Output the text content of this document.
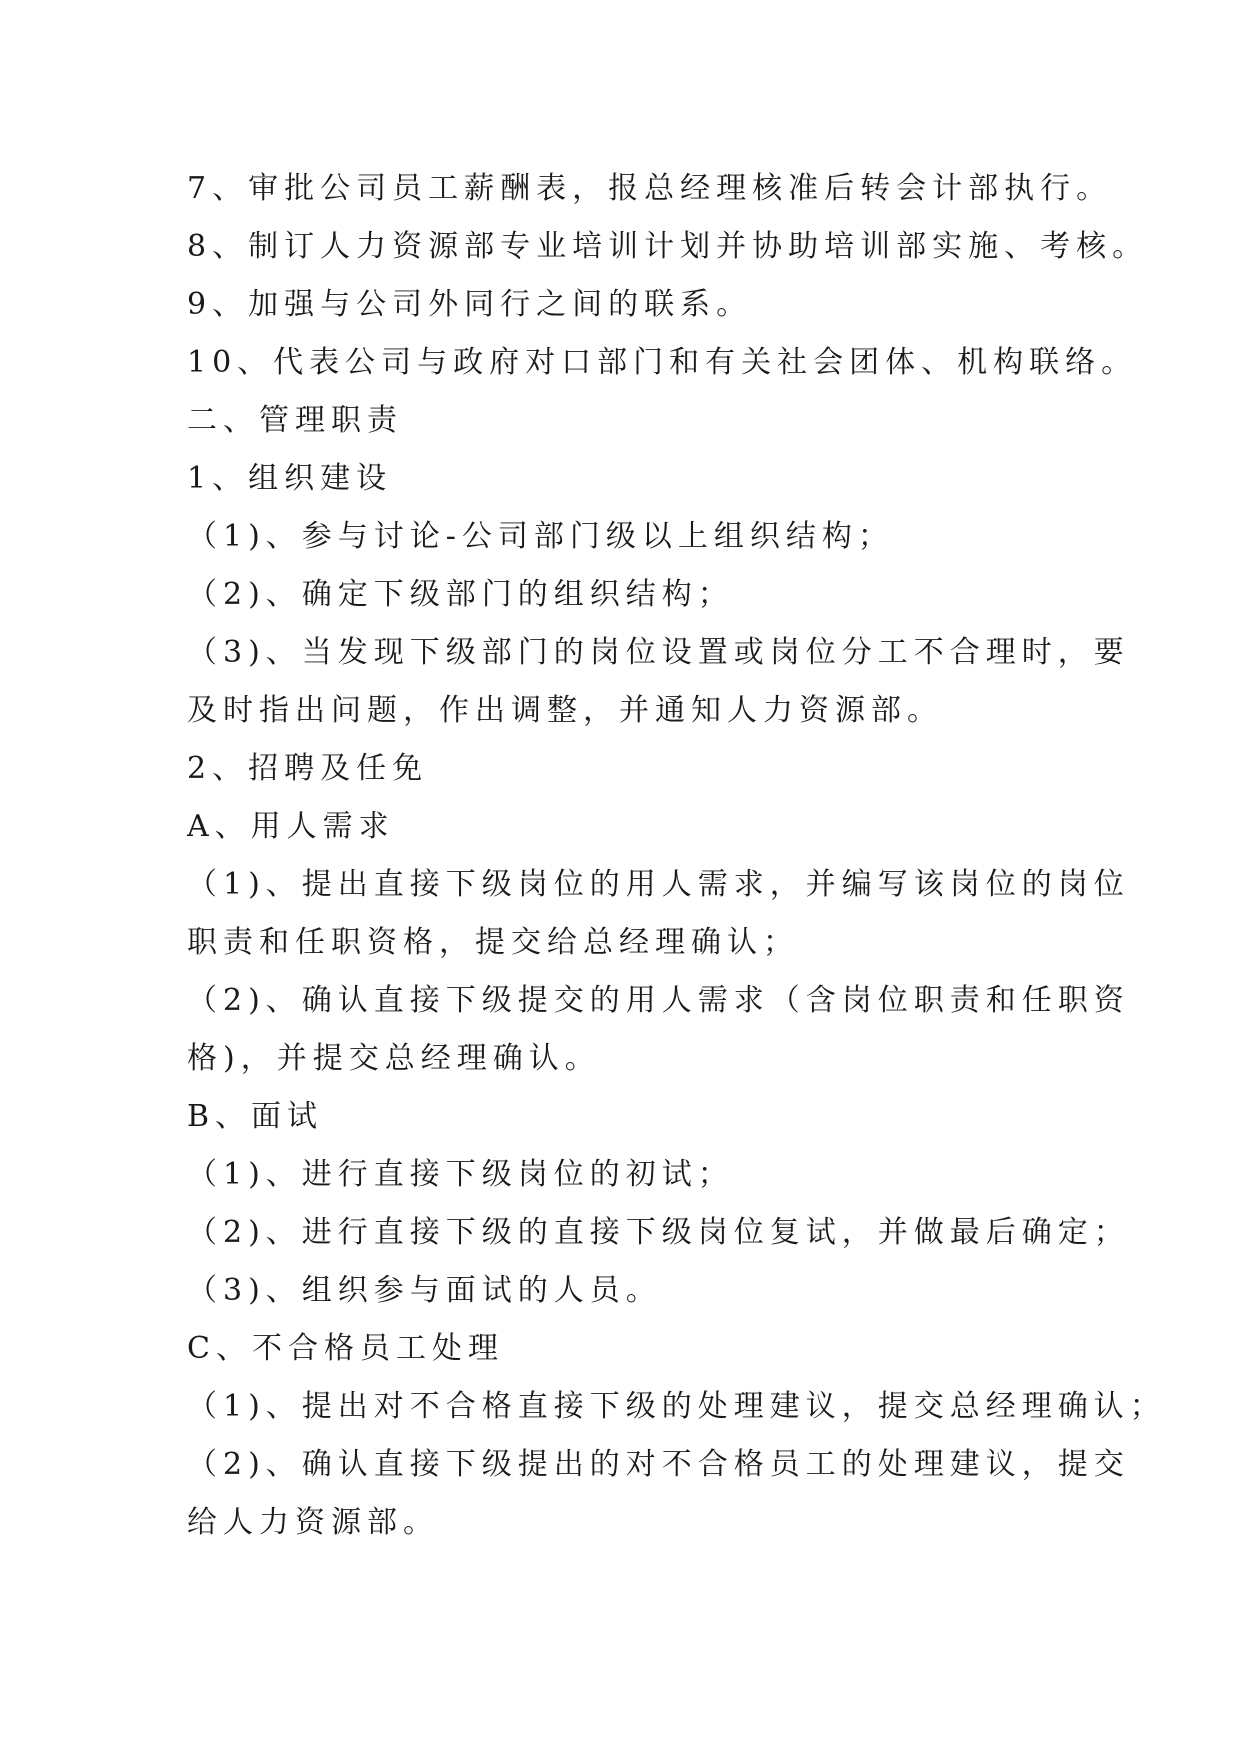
7、审批公司员工薪酬表，报总经理核准后转会计部执行。
8、制订人力资源部专业培训计划并协助培训部实施、考核。
9、加强与公司外同行之间的联系。
10、代表公司与政府对口部门和有关社会团体、机构联络。
二、管理职责
1、组织建设
（1)、参与讨论-公司部门级以上组织结构；
（2)、确定下级部门的组织结构；
（3)、当发现下级部门的岗位设置或岗位分工不合理时，要
及时指出问题，作出调整，并通知人力资源部。
2、招聘及任免
A、用人需求
（1)、提出直接下级岗位的用人需求，并编写该岗位的岗位
职责和任职资格，提交给总经理确认；
（2)、确认直接下级提交的用人需求（含岗位职责和任职资
格)，并提交总经理确认。
B、面试
（1)、进行直接下级岗位的初试；
（2)、进行直接下级的直接下级岗位复试，并做最后确定；
（3)、组织参与面试的人员。
C、不合格员工处理
（1)、提出对不合格直接下级的处理建议，提交总经理确认；
（2)、确认直接下级提出的对不合格员工的处理建议，提交
给人力资源部。
